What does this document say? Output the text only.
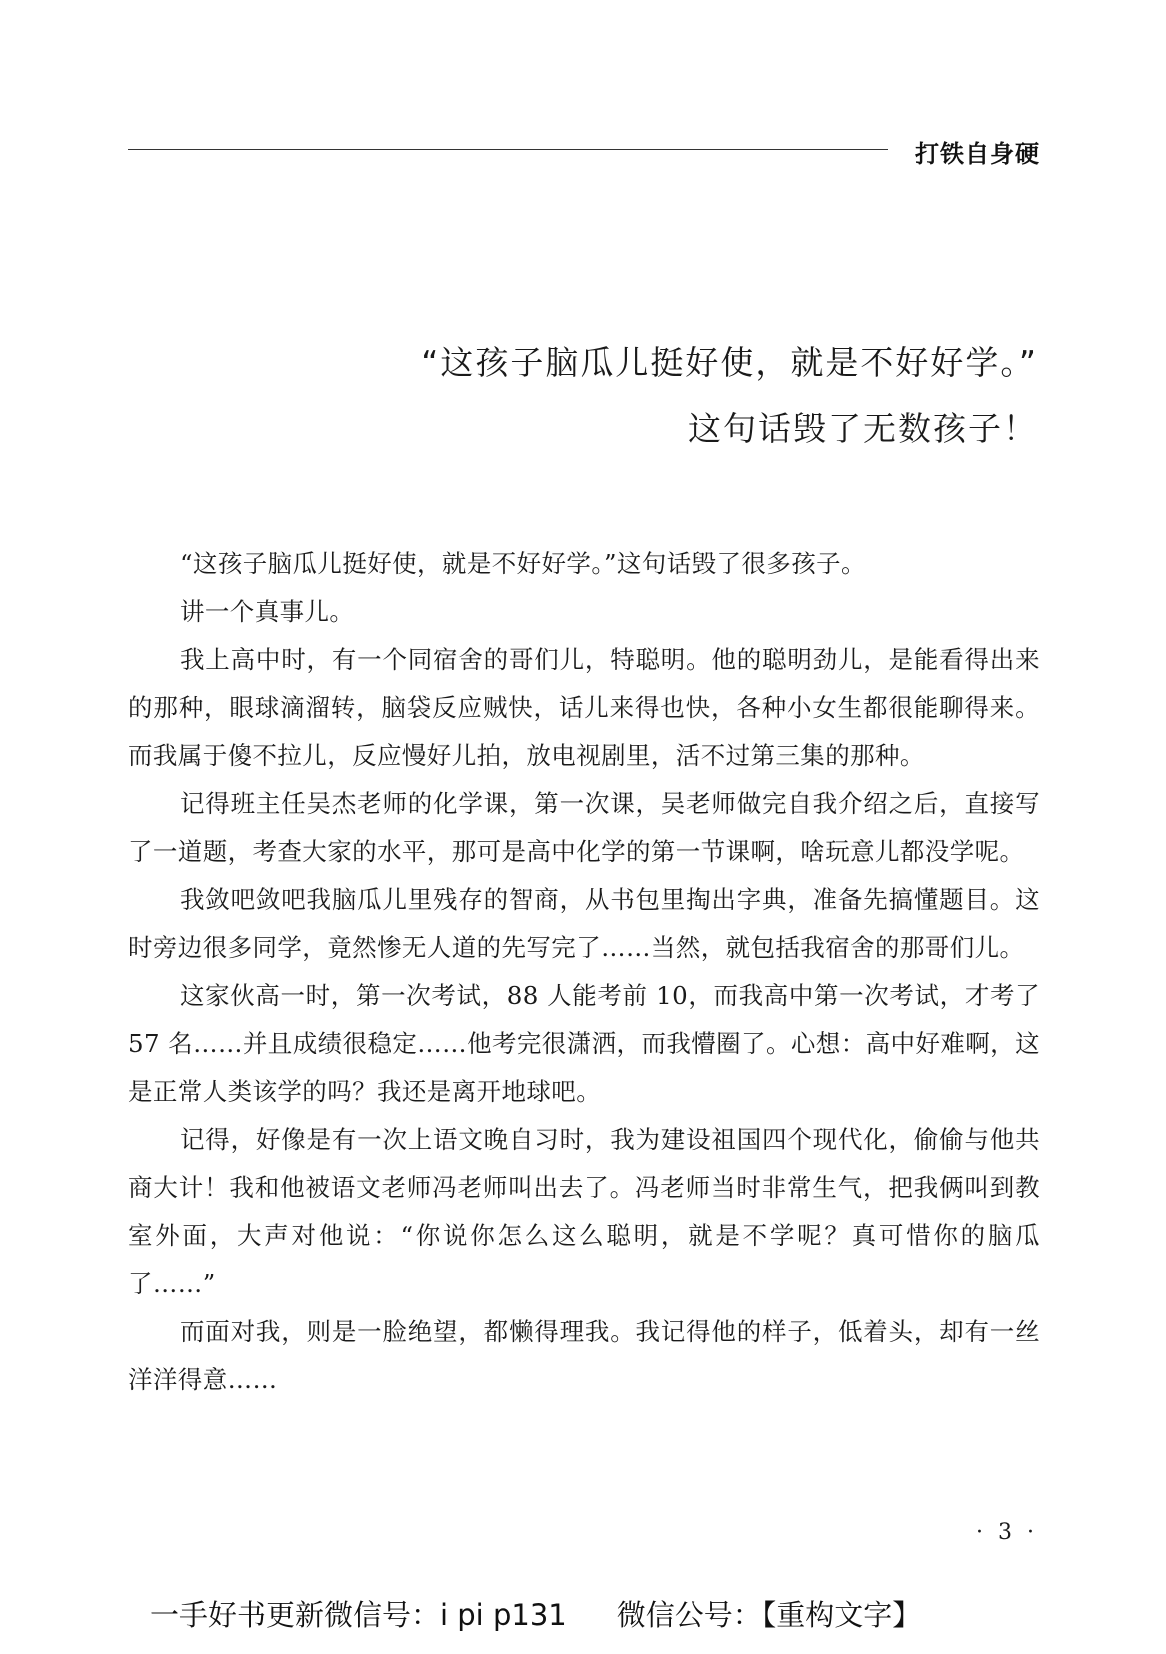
打铁自身硬
“这孩子脑瓜儿挺好使，就是不好好学。”
这句话毁了无数孩子！

“这孩子脑瓜儿挺好使，就是不好好学。”这句话毁了很多孩子。

讲一个真事儿。

我上高中时，有一个同宿舍的哥们儿，特聪明。他的聪明劲儿，是能看得出来的那种，眼球滴溜转，脑袋反应贼快，话儿来得也快，各种小女生都很能聊得来。而我属于傻不拉儿，反应慢好儿拍，放电视剧里，活不过第三集的那种。

记得班主任吴杰老师的化学课，第一次课，吴老师做完自我介绍之后，直接写了一道题，考查大家的水平，那可是高中化学的第一节课啊，啥玩意儿都没学呢。

我敛吧敛吧我脑瓜儿里残存的智商，从书包里掏出字典，准备先搞懂题目。这时旁边很多同学，竟然惨无人道的先写完了……当然，就包括我宿舍的那哥们儿。

这家伙高一时，第一次考试，88 人能考前 10，而我高中第一次考试，才考了 57 名……并且成绩很稳定……他考完很潇洒，而我懵圈了。心想：高中好难啊，这是正常人类该学的吗？我还是离开地球吧。

记得，好像是有一次上语文晚自习时，我为建设祖国四个现代化，偷偷与他共商大计！我和他被语文老师冯老师叫出去了。冯老师当时非常生气，把我俩叫到教室外面，大声对他说：“你说你怎么这么聪明，就是不学呢？真可惜你的脑瓜了……”

而面对我，则是一脸绝望，都懒得理我。我记得他的样子，低着头，却有一丝洋洋得意……

· 3 ·
一手好书更新微信号：i pi p131 微信公号：【重构文字】
